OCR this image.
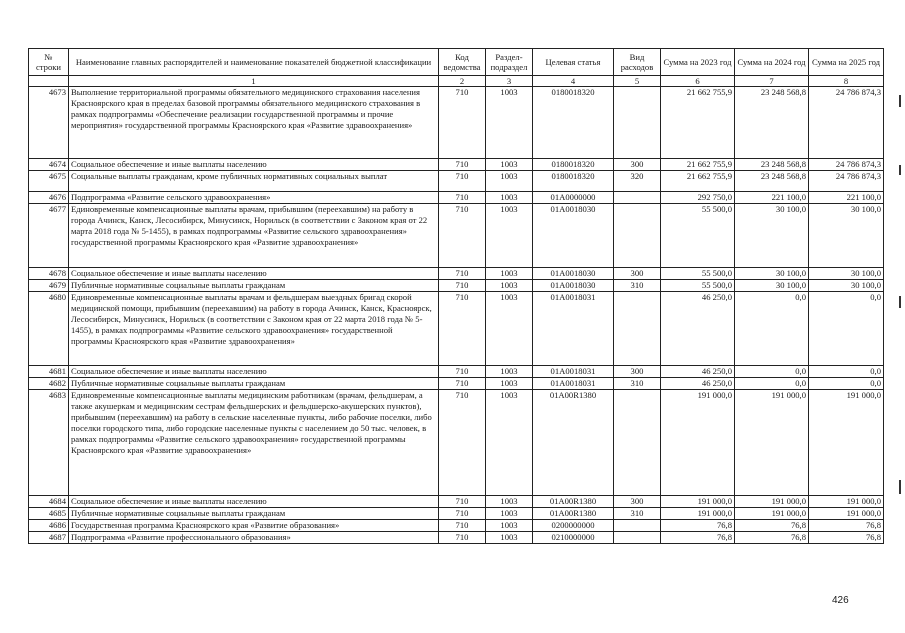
№ строки	Наименование главных распорядителей и наименование показателей бюджетной классификации	Код ведомства	Раздел-подраздел	Целевая статья	Вид расходов	Сумма на 2023 год	Сумма на 2024 год	Сумма на 2025 год
	1	2	3	4	5	6	7	8
4673	Выполнение территориальной программы обязательного медицинского страхования населения Красноярского края в пределах базовой программы обязательного медицинского страхования в рамках подпрограммы «Обеспечение реализации государственной программы и прочие мероприятия» государственной программы Красноярского края «Развитие здравоохранения»	710	1003	0180018320		21 662 755,9	23 248 568,8	24 786 874,3
4674	Социальное обеспечение и иные выплаты населению	710	1003	0180018320	300	21 662 755,9	23 248 568,8	24 786 874,3
4675	Социальные выплаты гражданам, кроме публичных нормативных социальных выплат	710	1003	0180018320	320	21 662 755,9	23 248 568,8	24 786 874,3
4676	Подпрограмма «Развитие сельского здравоохранения»	710	1003	01А0000000		292 750,0	221 100,0	221 100,0
4677	Единовременные компенсационные выплаты врачам, прибывшим (переехавшим) на работу в города Ачинск, Канск, Лесосибирск, Минусинск, Норильск (в соответствии с Законом края от 22 марта 2018 года № 5-1455), в рамках подпрограммы «Развитие сельского здравоохранения» государственной программы Красноярского края «Развитие здравоохранения»	710	1003	01А0018030		55 500,0	30 100,0	30 100,0
4678	Социальное обеспечение и иные выплаты населению	710	1003	01А0018030	300	55 500,0	30 100,0	30 100,0
4679	Публичные нормативные социальные выплаты гражданам	710	1003	01А0018030	310	55 500,0	30 100,0	30 100,0
4680	Единовременные компенсационные выплаты врачам и фельдшерам выездных бригад скорой медицинской помощи, прибывшим (переехавшим) на работу в города Ачинск, Канск, Красноярск, Лесосибирск, Минусинск, Норильск (в соответствии с Законом края от 22 марта 2018 года № 5-1455), в рамках подпрограммы «Развитие сельского здравоохранения» государственной программы Красноярского края «Развитие здравоохранения»	710	1003	01А0018031		46 250,0	0,0	0,0
4681	Социальное обеспечение и иные выплаты населению	710	1003	01А0018031	300	46 250,0	0,0	0,0
4682	Публичные нормативные социальные выплаты гражданам	710	1003	01А0018031	310	46 250,0	0,0	0,0
4683	Единовременные компенсационные выплаты медицинским работникам (врачам, фельдшерам, а также акушеркам и медицинским сестрам фельдшерских и фельдшерско-акушерских пунктов), прибывшим (переехавшим) на работу в сельские населенные пункты, либо рабочие поселки, либо поселки городского типа, либо городские населенные пункты с населением до 50 тыс. человек, в рамках подпрограммы «Развитие сельского здравоохранения» государственной программы Красноярского края «Развитие здравоохранения»	710	1003	01А00R1380		191 000,0	191 000,0	191 000,0
4684	Социальное обеспечение и иные выплаты населению	710	1003	01А00R1380	300	191 000,0	191 000,0	191 000,0
4685	Публичные нормативные социальные выплаты гражданам	710	1003	01А00R1380	310	191 000,0	191 000,0	191 000,0
4686	Государственная программа Красноярского края «Развитие образования»	710	1003	0200000000		76,8	76,8	76,8
4687	Подпрограмма «Развитие профессионального образования»	710	1003	0210000000		76,8	76,8	76,8
426
